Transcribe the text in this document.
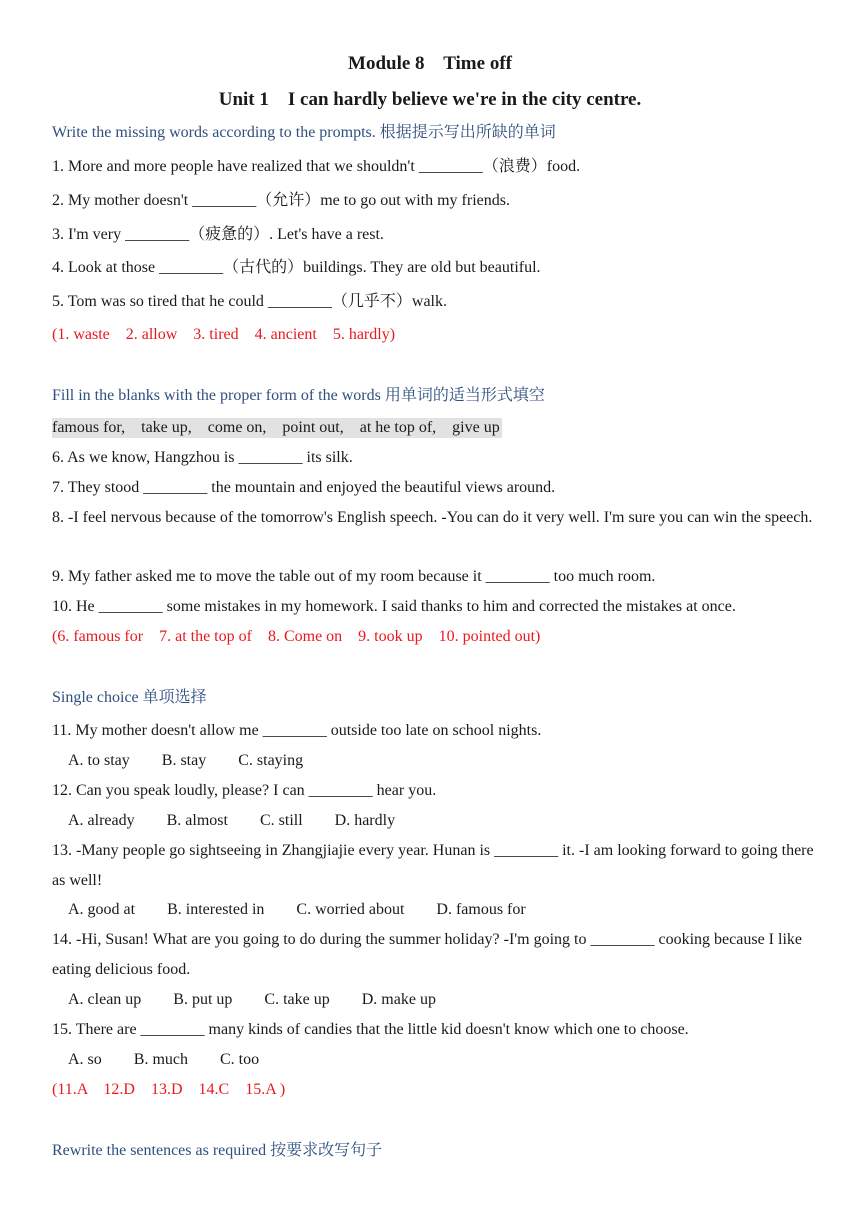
Module 8    Time off
Unit 1    I can hardly believe we're in the city centre.
Write the missing words according to the prompts. 根据提示写出所缺的单词
1. More and more people have realized that we shouldn't ________（浪费）food.
2. My mother doesn't ________（允许）me to go out with my friends.
3. I'm very ________（疲惫的）. Let's have a rest.
4. Look at those ________（古代的）buildings. They are old but beautiful.
5. Tom was so tired that he could ________（几乎不）walk.
(1. waste    2. allow    3. tired    4. ancient    5. hardly)
Fill in the blanks with the proper form of the words 用单词的适当形式填空
famous for,    take up,    come on,    point out,    at he top of,    give up
6. As we know, Hangzhou is ________ its silk.
7. They stood ________ the mountain and enjoyed the beautiful views around.
8. -I feel nervous because of the tomorrow's English speech. -You can do it very well. I'm sure you can win the speech.
9. My father asked me to move the table out of my room because it ________ too much room.
10. He ________ some mistakes in my homework. I said thanks to him and corrected the mistakes at once.
(6. famous for    7. at the top of    8. Come on    9. took up    10. pointed out)
Single choice 单项选择
11. My mother doesn't allow me ________ outside too late on school nights.
A. to stay        B. stay        C. staying
12. Can you speak loudly, please? I can ________ hear you.
A. already        B. almost        C. still        D. hardly
13. -Many people go sightseeing in Zhangjiajie every year. Hunan is ________ it. -I am looking forward to going there as well!
A. good at        B. interested in        C. worried about        D. famous for
14. -Hi, Susan! What are you going to do during the summer holiday? -I'm going to ________ cooking because I like eating delicious food.
A. clean up        B. put up        C. take up        D. make up
15. There are ________ many kinds of candies that the little kid doesn't know which one to choose.
A. so        B. much        C. too
(11.A    12.D    13.D    14.C    15.A )
Rewrite the sentences as required 按要求改写句子
